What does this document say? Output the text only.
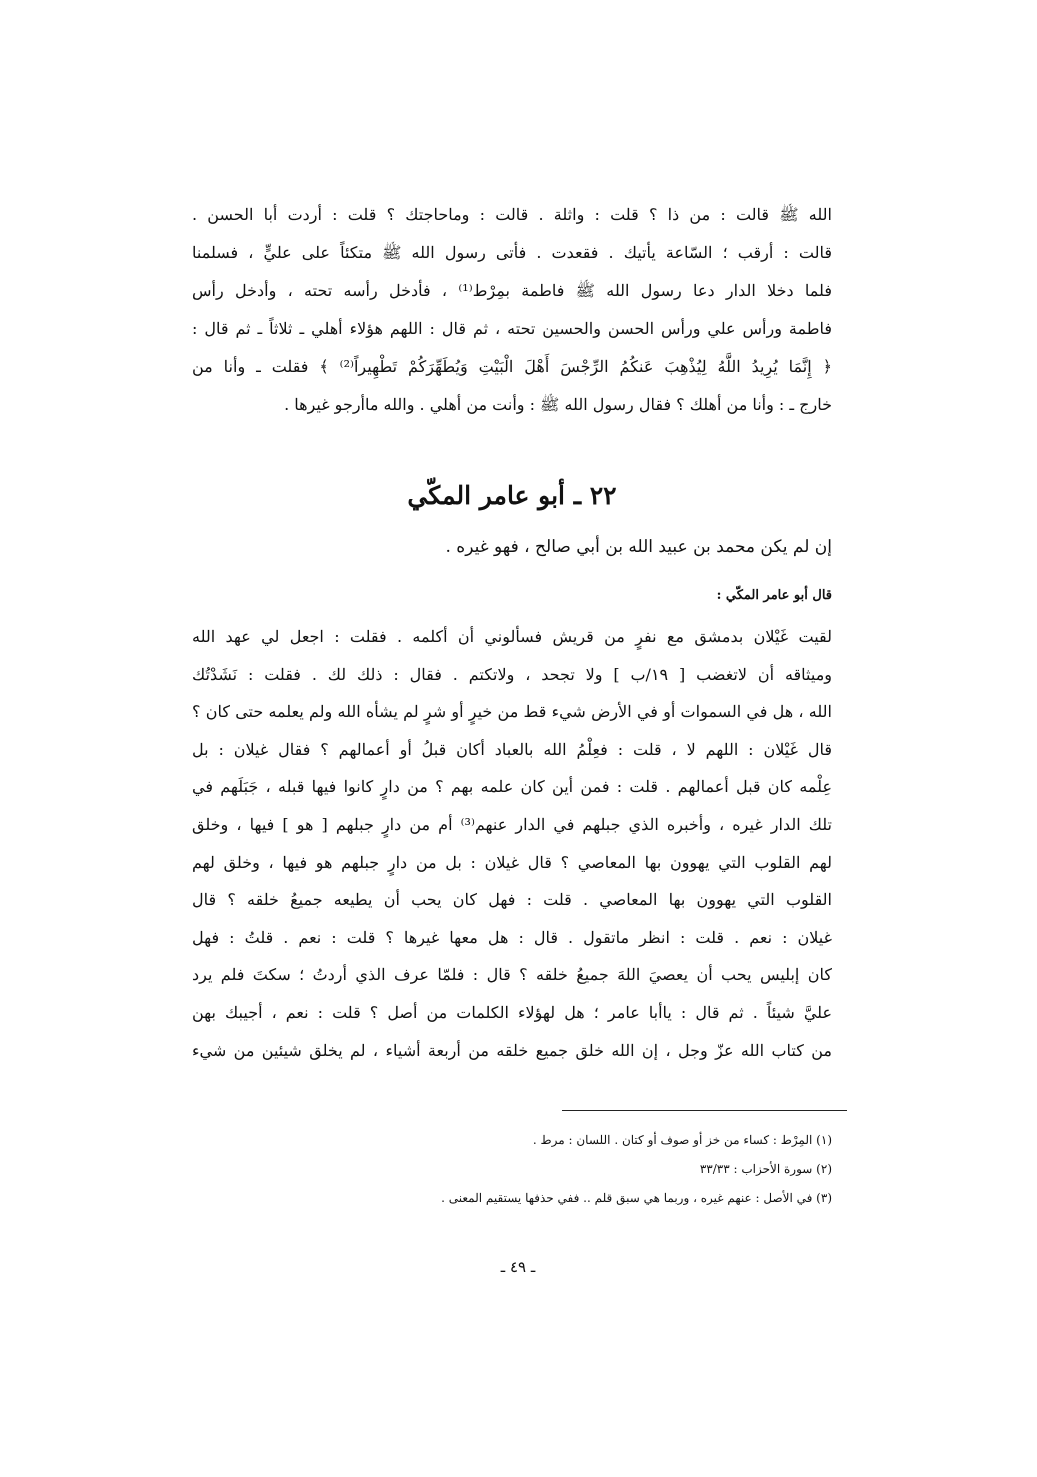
الله ﷺ قالت : من ذا ؟ قلت : واثلة . قالت : وماحاجتك ؟ قلت : أردت أبا الحسن .
قالت : أرقب ؛ السّاعة يأتيك . فقعدت . فأتى رسول الله ﷺ متكئاً على عليٍّ ، فسلمنا
فلما دخلا الدار دعا رسول الله ﷺ فاطمة بمِرْط⁽¹⁾ ، فأدخل رأسه تحته ، وأدخل رأس
فاطمة ورأس علي ورأس الحسن والحسين تحته ، ثم قال : اللهم هؤلاء أهلي ـ ثلاثاً ـ ثم قال :
﴿ إِنَّمَا يُرِيدُ اللَّهُ لِيُذْهِبَ عَنكُمُ الرِّجْسَ أَهْلَ الْبَيْتِ وَيُطَهِّرَكُمْ تَطْهِيراً⁽²⁾ ﴾ فقلت ـ وأنا من
خارج ـ : وأنا من أهلك ؟ فقال رسول الله ﷺ : وأنت من أهلي . والله ماأرجو غيرها .
٢٢ ـ أبو عامر المكّي
إن لم يكن محمد بن عبيد الله بن أبي صالح ، فهو غيره .
قال أبو عامر المكّي :
لقيت غَيْلان بدمشق مع نفرٍ من قريش فسألوني أن أكلمه . فقلت : اجعل لي عهد الله
وميثاقه أن لاتغضب [ ١٩/ب ] ولا تجحد ، ولاتكتم . فقال : ذلك لك . فقلت : نَشَدْتُك
الله ، هل في السموات أو في الأرض شيء قط من خيرٍ أو شرٍ لم يشأه الله ولم يعلمه حتى كان ؟
قال غَيْلان : اللهم لا ، قلت : فعِلْمُ الله بالعباد أكان قبلُ أو أعمالهم ؟ فقال غيلان : بل
عِلْمه كان قبل أعمالهم . قلت : فمن أين كان علمه بهم ؟ من دارٍ كانوا فيها قبله ، جَبَلَهم في
تلك الدار غيره ، وأخبره الذي جبلهم في الدار عنهم⁽³⁾ أم من دارٍ جبلهم [ هو ] فيها ، وخلق
لهم القلوب التي يهوون بها المعاصي ؟ قال غيلان : بل من دارٍ جبلهم هو فيها ، وخلق لهم
القلوب التي يهوون بها المعاصي . قلت : فهل كان يحب أن يطيعه جميعُ خلقه ؟ قال
غيلان : نعم . قلت : انظر ماتقول . قال : هل معها غيرها ؟ قلت : نعم . قلتُ : فهل
كان إبليس يحب أن يعصيَ اللهَ جميعُ خلقه ؟ قال : فلمّا عرف الذي أردتُ ؛ سكتَ فلم يرد
عليَّ شيئاً . ثم قال : ياأبا عامر ؛ هل لهؤلاء الكلمات من أصل ؟ قلت : نعم ، أجيبك بهن
من كتاب الله عزّ وجل ، إن الله خلق جميع خلقه من أربعة أشياء ، لم يخلق شيئين من شيء
(١) المِرْط : كساء من خز أو صوف أو كتان . اللسان : مرط .
(٢) سورة الأحزاب : ٣٣/٣٣
(٣) في الأصل : عنهم غيره ، وربما هي سبق قلم .. ففي حذفها يستقيم المعنى .
ـ ٤٩ ـ
